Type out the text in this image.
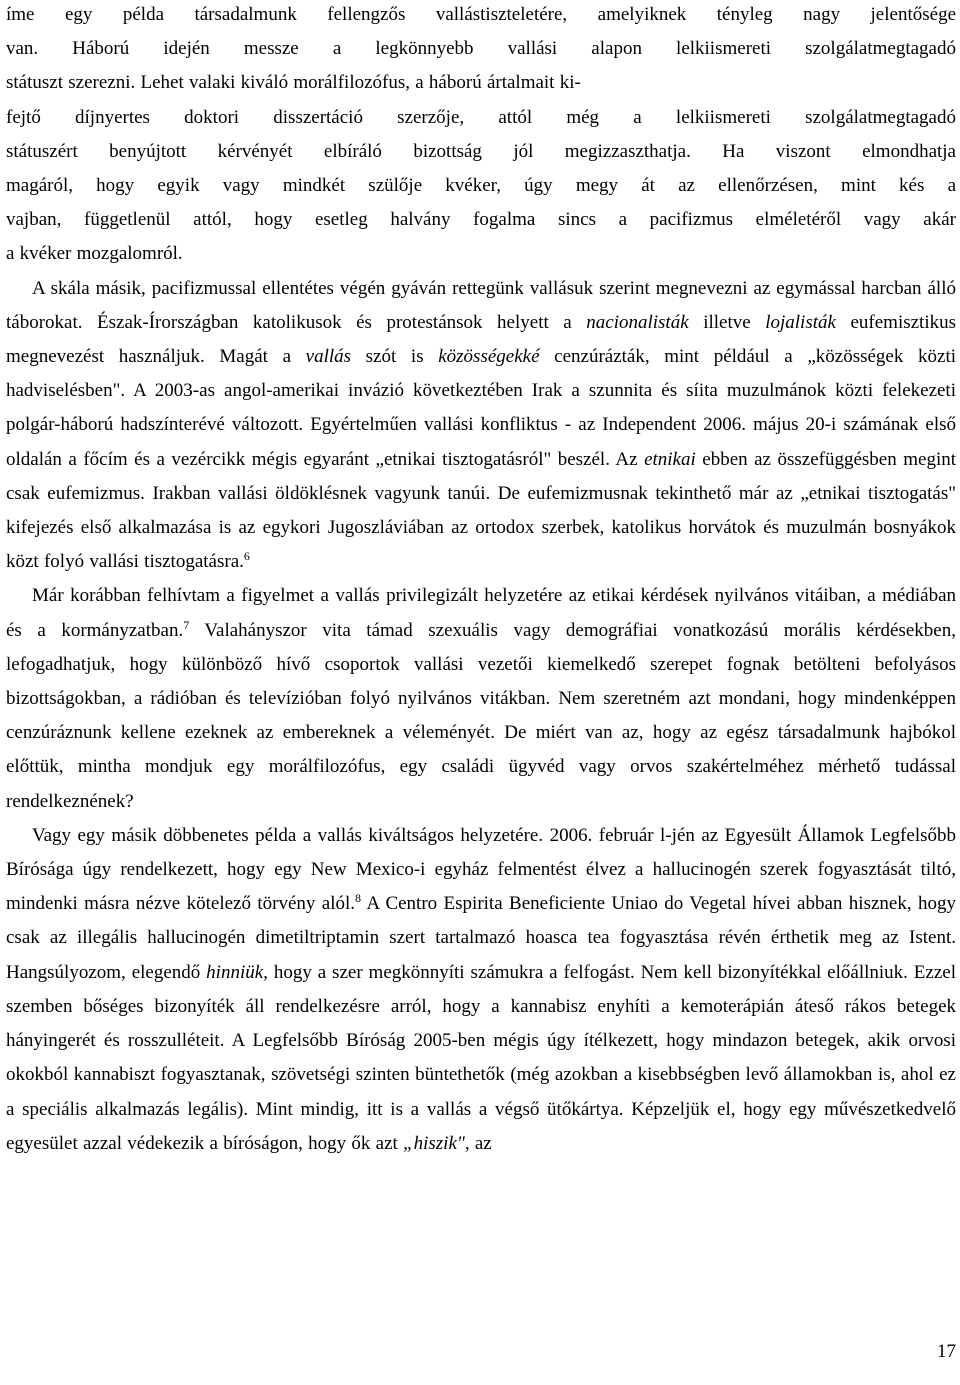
íme egy példa társadalmunk fellengzős vallástiszteletére, amelyiknek tényleg nagy jelentősége
van. Háború idején messze a legkönnyebb vallási alapon lelkiismereti szolgálatmegtagadó
státuszt szerezni. Lehet valaki kiváló morálfilozófus, a háború ártalmait ki-
fejtő díjnyertes doktori disszertáció szerzője, attól még a lelkiismereti szolgálatmegtagadó
státuszért benyújtott kérvényét elbíráló bizottság jól megizzaszthatja. Ha viszont elmondhatja
magáról, hogy egyik vagy mindkét szülője kvéker, úgy megy át az ellenőrzésen, mint kés a
vajban, függetlenül attól, hogy esetleg halvány fogalma sincs a pacifizmus elméletéről vagy akár
a kvéker mozgalomról.

A skála másik, pacifizmussal ellentétes végén gyáván rettegünk vallásuk szerint megnevezni az egymással harcban álló táborokat. Észak-Írországban katolikusok és protestánsok helyett a nacionalisták illetve lojalisták eufemisztikus megnevezést használjuk. Magát a vallás szót is közösségekké cenzúrázták, mint például a „közösségek közti hadviselésben". A 2003-as angol-amerikai invázió következtében Irak a szunnita és síita muzulmánok közti felekezeti polgár-háború hadszínterévé változott. Egyértelműen vallási konfliktus - az Independent 2006. május 20-i számának első oldalán a főcím és a vezércikk mégis egyaránt „etnikai tisztogatásról" beszél. Az etnikai ebben az összefüggésben megint csak eufemizmus. Irakban vallási öldöklésnek vagyunk tanúi. De eufemizmusnak tekinthető már az „etnikai tisztogatás" kifejezés első alkalmazása is az egykori Jugoszláviában az ortodox szerbek, katolikus horvátok és muzulmán bosnyákok közt folyó vallási tisztogatásra.$^6$

Már korábban felhívtam a figyelmet a vallás privilegizált helyzetére az etikai kérdések nyilvános vitáiban, a médiában és a kormányzatban.$^7$ Valahányszor vita támad szexuális vagy demográfiai vonatkozású morális kérdésekben, lefogadhatjuk, hogy különböző hívő csoportok vallási vezetői kiemelkedő szerepet fognak betölteni befolyásos bizottságokban, a rádióban és televízióban folyó nyilvános vitákban. Nem szeretném azt mondani, hogy mindenképpen cenzúráznunk kellene ezeknek az embereknek a véleményét. De miért van az, hogy az egész társadalmunk hajbókol előttük, mintha mondjuk egy morálfilozófus, egy családi ügyvéd vagy orvos szakértelméhez mérhető tudással rendelkeznének?

Vagy egy másik döbbenetes példa a vallás kiváltságos helyzetére. 2006. február l-jén az Egyesült Államok Legfelsőbb Bírósága úgy rendelkezett, hogy egy New Mexico-i egyház felmentést élvez a hallucinogén szerek fogyasztását tiltó, mindenki másra nézve kötelező törvény alól.$^8$ A Centro Espirita Beneficiente Uniao do Vegetal hívei abban hisznek, hogy csak az illegális hallucinogén dimetiltriptamin szert tartalmazó hoasca tea fogyasztása révén érthetik meg az Istent. Hangsúlyozom, elegendő hinniük, hogy a szer megkönnyíti számukra a felfogást. Nem kell bizonyítékkal előállniuk. Ezzel szemben bőséges bizonyíték áll rendelkezésre arról, hogy a kannabisz enyhíti a kemoterápián áteső rákos betegek hányingerét és rosszulléteit. A Legfelsőbb Bíróság 2005-ben mégis úgy ítélkezett, hogy mindazon betegek, akik orvosi okokból kannabiszt fogyasztanak, szövetségi szinten büntethetők (még azokban a kisebbségben levő államokban is, ahol ez a speciális alkalmazás legális). Mint mindig, itt is a vallás a végső ütőkártya. Képzeljük el, hogy egy művészetkedvelő egyesület azzal védekezik a bíróságon, hogy ők azt „hiszik", az

17
